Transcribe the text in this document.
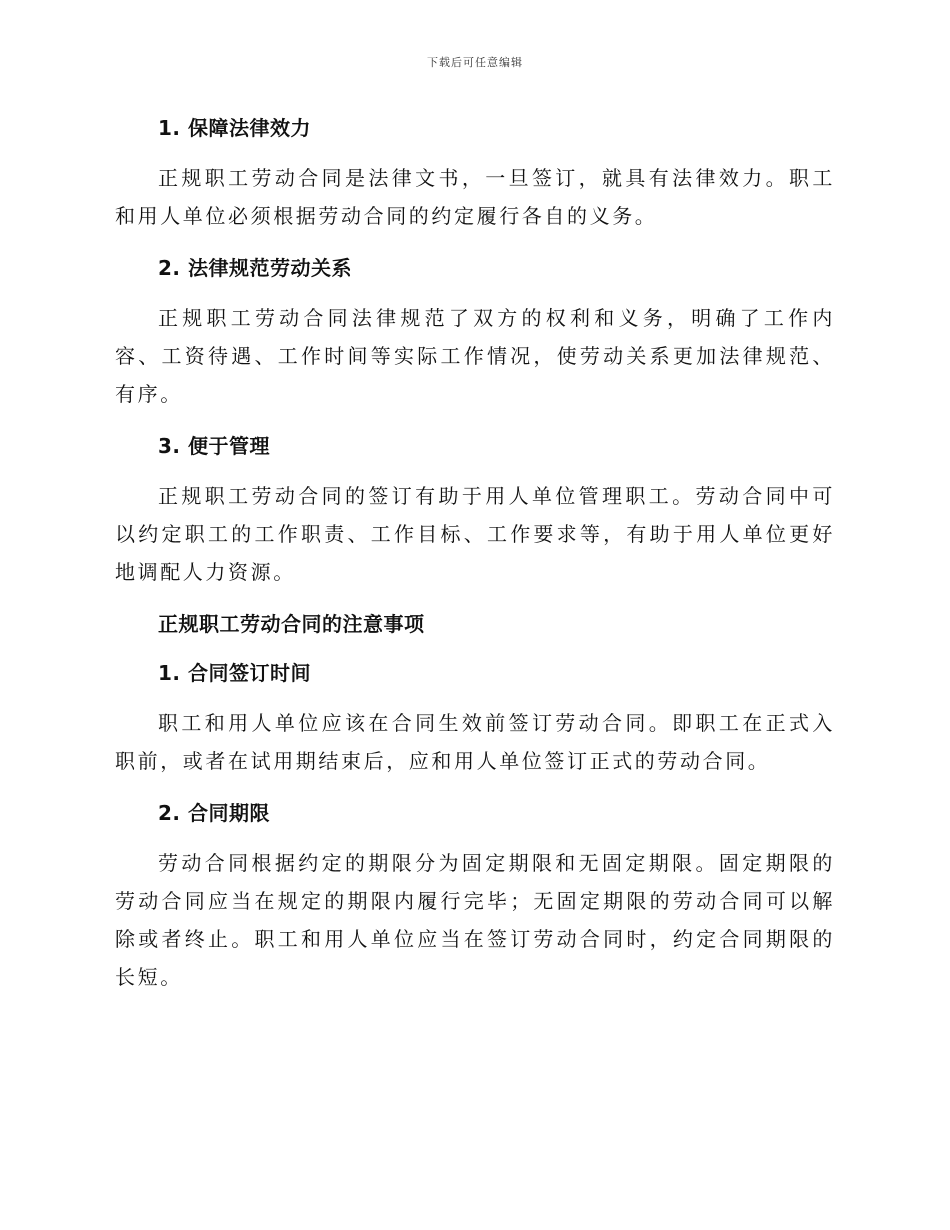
下载后可任意编辑
1. 保障法律效力

正规职工劳动合同是法律文书，一旦签订，就具有法律效力。职工和用人单位必须根据劳动合同的约定履行各自的义务。

2. 法律规范劳动关系

正规职工劳动合同法律规范了双方的权利和义务，明确了工作内容、工资待遇、工作时间等实际工作情况，使劳动关系更加法律规范、有序。

3. 便于管理

正规职工劳动合同的签订有助于用人单位管理职工。劳动合同中可以约定职工的工作职责、工作目标、工作要求等，有助于用人单位更好地调配人力资源。

正规职工劳动合同的注意事项
1. 合同签订时间

职工和用人单位应该在合同生效前签订劳动合同。即职工在正式入职前，或者在试用期结束后，应和用人单位签订正式的劳动合同。

2. 合同期限

劳动合同根据约定的期限分为固定期限和无固定期限。固定期限的劳动合同应当在规定的期限内履行完毕；无固定期限的劳动合同可以解除或者终止。职工和用人单位应当在签订劳动合同时，约定合同期限的长短。
